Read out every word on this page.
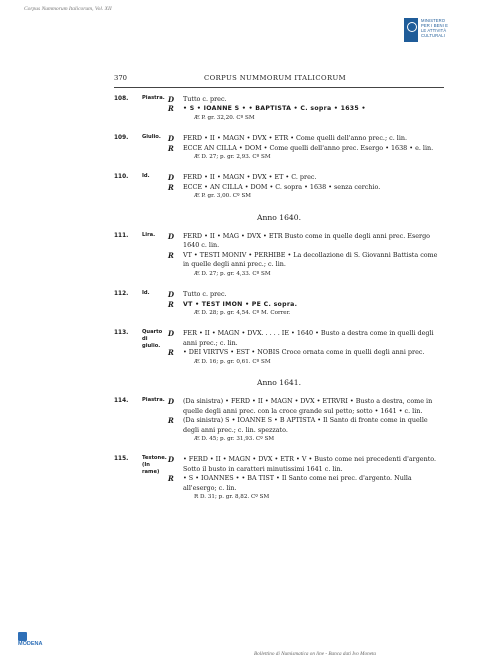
Corpus Nummorum Italicorum, Vol. XII
MINISTERO
PER I BENI E
LE ATTIVITÀ
CULTURALI
370	CORPUS NUMMORUM ITALICORUM
108.	Piastra. D Tutto c. prec.
R • S • IOANNE S • • BAPTISTA • C. sopra • 1635 •
Æ P. gr. 32,20. Cº SM
109.	Giulio.	D FERD • II • MAGN • DVX • ETR • Come quelli dell'anno prec.; c. lin.
R ECCE AN CILLA • DOM • Come quelli dell'anno prec. Esergo • 1638 • e. lin.
Æ D. 27; p. gr. 2,93. Cº SM
110.	Id.	D FERD • II • MAGN • DVX • ET • C. prec.
R ECCE • AN CILLA • DOM • C. sopra • 1638 • senza cerchio.
Æ P. gr. 3,00. Cº SM
Anno 1640.
111.	Lira.	D FERD • II • MAG • DVX • ETR Busto come in quelle degli anni prec. Esergo 1640 c. lin.
R VT • TESTI MONIV • PERHIBE • La decollazione di S. Giovanni Battista come in quelle degli anni prec.; c. lin.
Æ D. 27; p. gr. 4,33. Cº SM
112.	Id.	D Tutto c. prec.
R VT • TEST IMON • PE C. sopra.
Æ D. 28; p. gr. 4,54. Cº M. Correr.
113.	Quarto di giulio.
D FER • II • MAGN • DVX. . . . . IE • 1640 • Busto a destra come in quelli degli anni prec.; c. lin.
R • DEI VIRTVS • EST • NOBIS Croce ornata come in quelli degli anni prec.
Æ D. 16; p. gr. 0,61. Cº SM
Anno 1641.
114.	Piastra. D (Da sinistra) • FERD • II • MAGN • DVX • ETRVRI • Busto a destra, come in quelle degli anni prec. con la croce grande sul petto; sotto • 1641 • c. lin.
R (Da sinistra) S • IOANNE S • B APTISTA • Il Santo di fronte come in quelle degli anni prec.; c. lin. spezzato.
Æ D. 45; p. gr. 31,93. Cº SM
115.	Testone. (In rame)
D • FERD • II • MAGN • DVX • ETR • V • Busto come nei precedenti d'argento. Sotto il busto in caratteri minutissimi 1641 c. lin.
R • S • IOANNES • • BA TIST • Il Santo come nei prec. d'argento. Nulla all'esergo; c. lin.
R D. 31; p. gr. 8,82. Cº SM
MODENA
Bollettino di Numismatica on line - Banca dati Ivo Moneta
